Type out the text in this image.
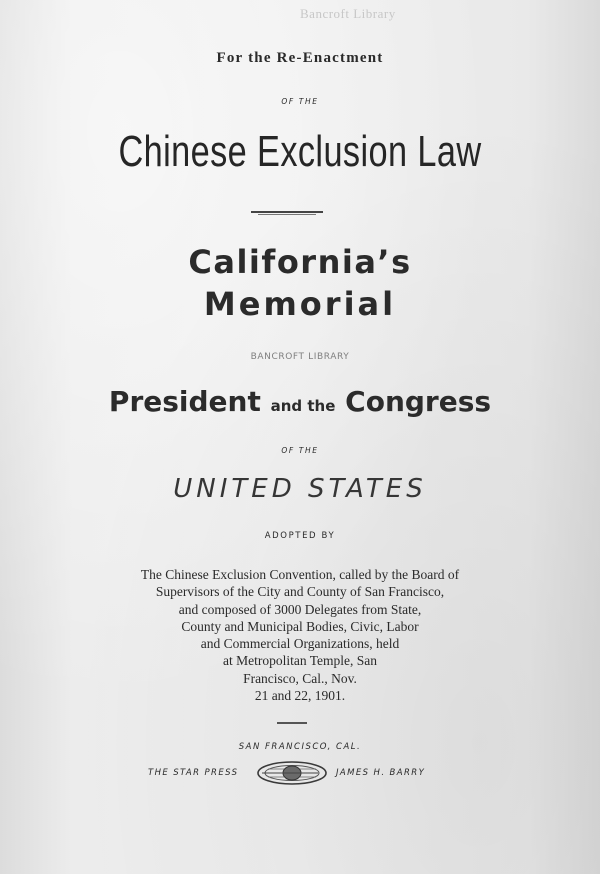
Bancroft Library
For the Re-Enactment
OF THE
Chinese Exclusion Law
California’s
Memorial
BANCROFT LIBRARY
President and the Congress
OF THE
UNITED STATES
ADOPTED BY
The Chinese Exclusion Convention, called by the Board of
Supervisors of the City and County of San Francisco,
and composed of 3000 Delegates from State,
County and Municipal Bodies, Civic, Labor
and Commercial Organizations, held
at Metropolitan Temple, San
Francisco, Cal., Nov.
21 and 22, 1901.
SAN FRANCISCO, CAL.
THE STAR PRESS	JAMES H. BARRY
